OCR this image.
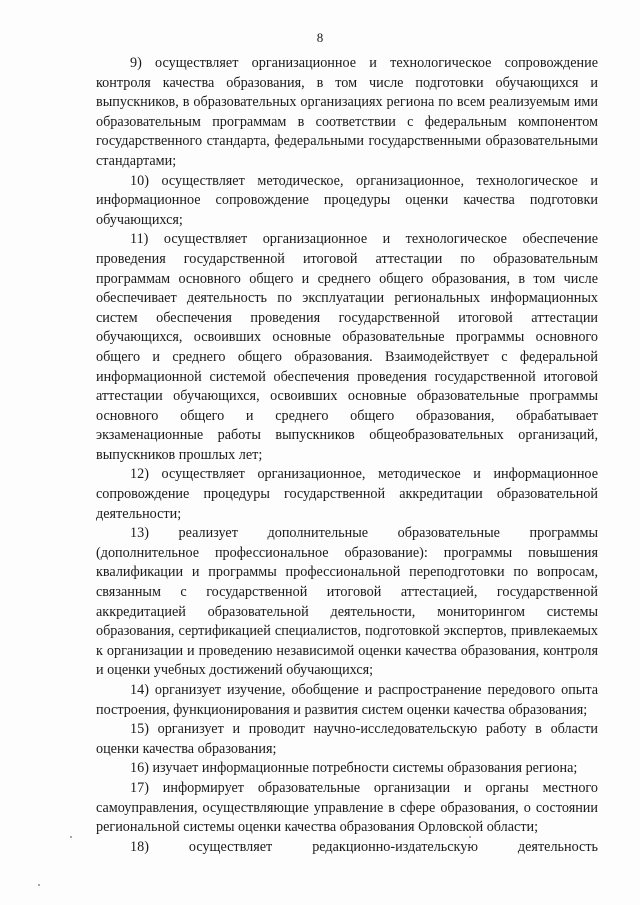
8

9) осуществляет организационное и технологическое сопровождение контроля качества образования, в том числе подготовки обучающихся и выпускников, в образовательных организациях региона по всем реализуемым ими образовательным программам в соответствии с федеральным компонентом государственного стандарта, федеральными государственными образовательными стандартами;

10) осуществляет методическое, организационное, технологическое и информационное сопровождение процедуры оценки качества подготовки обучающихся;

11) осуществляет организационное и технологическое обеспечение проведения государственной итоговой аттестации по образовательным программам основного общего и среднего общего образования, в том числе обеспечивает деятельность по эксплуатации региональных информационных систем обеспечения проведения государственной итоговой аттестации обучающихся, освоивших основные образовательные программы основного общего и среднего общего образования. Взаимодействует с федеральной информационной системой обеспечения проведения государственной итоговой аттестации обучающихся, освоивших основные образовательные программы основного общего и среднего общего образования, обрабатывает экзаменационные работы выпускников общеобразовательных организаций, выпускников прошлых лет;

12) осуществляет организационное, методическое и информационное сопровождение процедуры государственной аккредитации образовательной деятельности;

13) реализует дополнительные образовательные программы (дополнительное профессиональное образование): программы повышения квалификации и программы профессиональной переподготовки по вопросам, связанным с государственной итоговой аттестацией, государственной аккредитацией образовательной деятельности, мониторингом системы образования, сертификацией специалистов, подготовкой экспертов, привлекаемых к организации и проведению независимой оценки качества образования, контроля и оценки учебных достижений обучающихся;

14) организует изучение, обобщение и распространение передового опыта построения, функционирования и развития систем оценки качества образования;

15) организует и проводит научно-исследовательскую работу в области оценки качества образования;

16) изучает информационные потребности системы образования региона;

17) информирует образовательные организации и органы местного самоуправления, осуществляющие управление в сфере образования, о состоянии региональной системы оценки качества образования Орловской области;

18) осуществляет редакционно-издательскую деятельность
